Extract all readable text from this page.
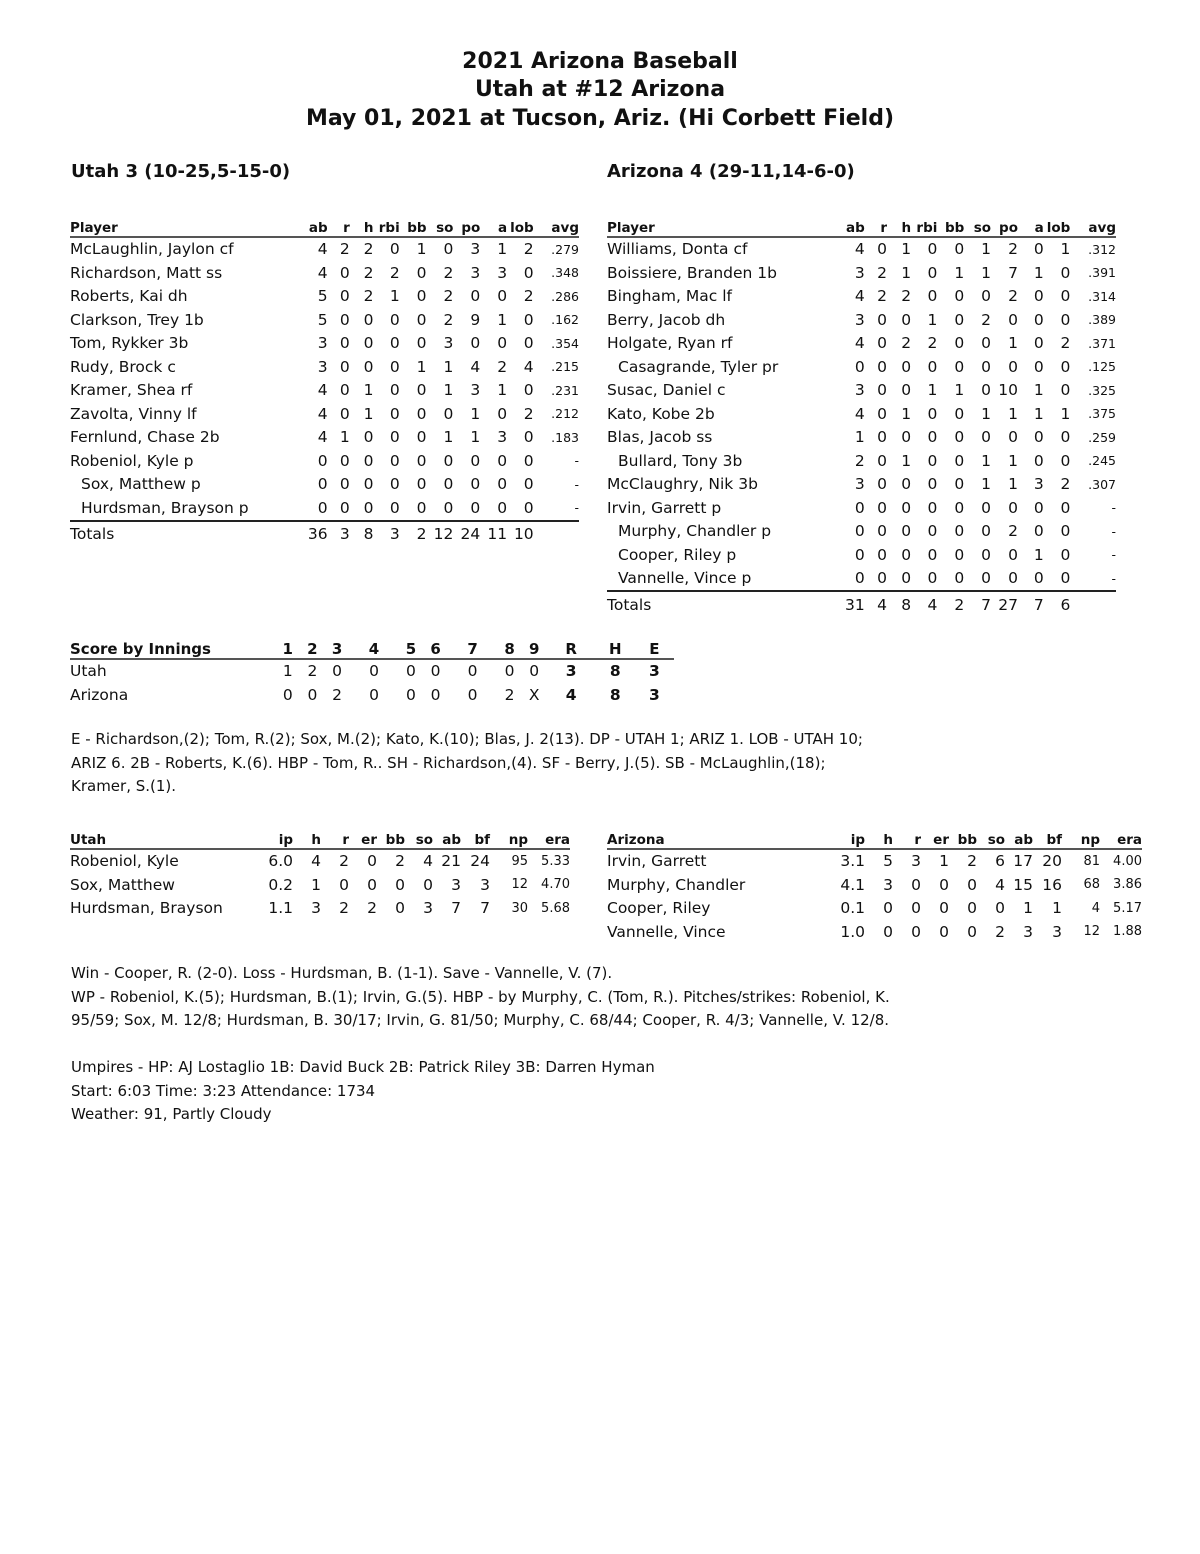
2021 Arizona Baseball
Utah at #12 Arizona
May 01, 2021 at Tucson, Ariz. (Hi Corbett Field)
Utah 3 (10-25,5-15-0)	Arizona 4 (29-11,14-6-0)
Player	ab	r	h	rbi	bb	so	po	a	lob	avg
McLaughlin, Jaylon cf	4	2	2	0	1	0	3	1	2	.279
Richardson, Matt ss	4	0	2	2	0	2	3	3	0	.348
Roberts, Kai dh	5	0	2	1	0	2	0	0	2	.286
Clarkson, Trey 1b	5	0	0	0	0	2	9	1	0	.162
Tom, Rykker 3b	3	0	0	0	0	3	0	0	0	.354
Rudy, Brock c	3	0	0	0	1	1	4	2	4	.215
Kramer, Shea rf	4	0	1	0	0	1	3	1	0	.231
Zavolta, Vinny lf	4	0	1	0	0	0	1	0	2	.212
Fernlund, Chase 2b	4	1	0	0	0	1	1	3	0	.183
Robeniol, Kyle p	0	0	0	0	0	0	0	0	0	-
Sox, Matthew p	0	0	0	0	0	0	0	0	0	-
Hurdsman, Brayson p	0	0	0	0	0	0	0	0	0	-
Totals	36	3	8	3	2	12	24	11	10	
Player	ab	r	h	rbi	bb	so	po	a	lob	avg
Williams, Donta cf	4	0	1	0	0	1	2	0	1	.312
Boissiere, Branden 1b	3	2	1	0	1	1	7	1	0	.391
Bingham, Mac lf	4	2	2	0	0	0	2	0	0	.314
Berry, Jacob dh	3	0	0	1	0	2	0	0	0	.389
Holgate, Ryan rf	4	0	2	2	0	0	1	0	2	.371
Casagrande, Tyler pr	0	0	0	0	0	0	0	0	0	.125
Susac, Daniel c	3	0	0	1	1	0	10	1	0	.325
Kato, Kobe 2b	4	0	1	0	0	1	1	1	1	.375
Blas, Jacob ss	1	0	0	0	0	0	0	0	0	.259
Bullard, Tony 3b	2	0	1	0	0	1	1	0	0	.245
McClaughry, Nik 3b	3	0	0	0	0	1	1	3	2	.307
Irvin, Garrett p	0	0	0	0	0	0	0	0	0	-
Murphy, Chandler p	0	0	0	0	0	0	2	0	0	-
Cooper, Riley p	0	0	0	0	0	0	0	1	0	-
Vannelle, Vince p	0	0	0	0	0	0	0	0	0	-
Totals	31	4	8	4	2	7	27	7	6	
Score by Innings	1	2	3	4	5	6	7	8	9	R	H	E
Utah	1	2	0	0	0	0	0	0	0	3	8	3
Arizona	0	0	2	0	0	0	0	2	X	4	8	3
E - Richardson,(2); Tom, R.(2); Sox, M.(2); Kato, K.(10); Blas, J. 2(13). DP - UTAH 1; ARIZ 1. LOB - UTAH 10;
ARIZ 6. 2B - Roberts, K.(6). HBP - Tom, R.. SH - Richardson,(4). SF - Berry, J.(5). SB - McLaughlin,(18);
Kramer, S.(1).
Utah	ip	h	r	er	bb	so	ab	bf	np	era
Robeniol, Kyle	6.0	4	2	0	2	4	21	24	95	5.33
Sox, Matthew	0.2	1	0	0	0	0	3	3	12	4.70
Hurdsman, Brayson	1.1	3	2	2	0	3	7	7	30	5.68
Arizona	ip	h	r	er	bb	so	ab	bf	np	era
Irvin, Garrett	3.1	5	3	1	2	6	17	20	81	4.00
Murphy, Chandler	4.1	3	0	0	0	4	15	16	68	3.86
Cooper, Riley	0.1	0	0	0	0	0	1	1	4	5.17
Vannelle, Vince	1.0	0	0	0	0	2	3	3	12	1.88
Win - Cooper, R. (2-0). Loss - Hurdsman, B. (1-1). Save - Vannelle, V. (7).
WP - Robeniol, K.(5); Hurdsman, B.(1); Irvin, G.(5). HBP - by Murphy, C. (Tom, R.). Pitches/strikes: Robeniol, K.
95/59; Sox, M. 12/8; Hurdsman, B. 30/17; Irvin, G. 81/50; Murphy, C. 68/44; Cooper, R. 4/3; Vannelle, V. 12/8.
Umpires - HP: AJ Lostaglio 1B: David Buck 2B: Patrick Riley 3B: Darren Hyman
Start: 6:03 Time: 3:23 Attendance: 1734
Weather: 91, Partly Cloudy
